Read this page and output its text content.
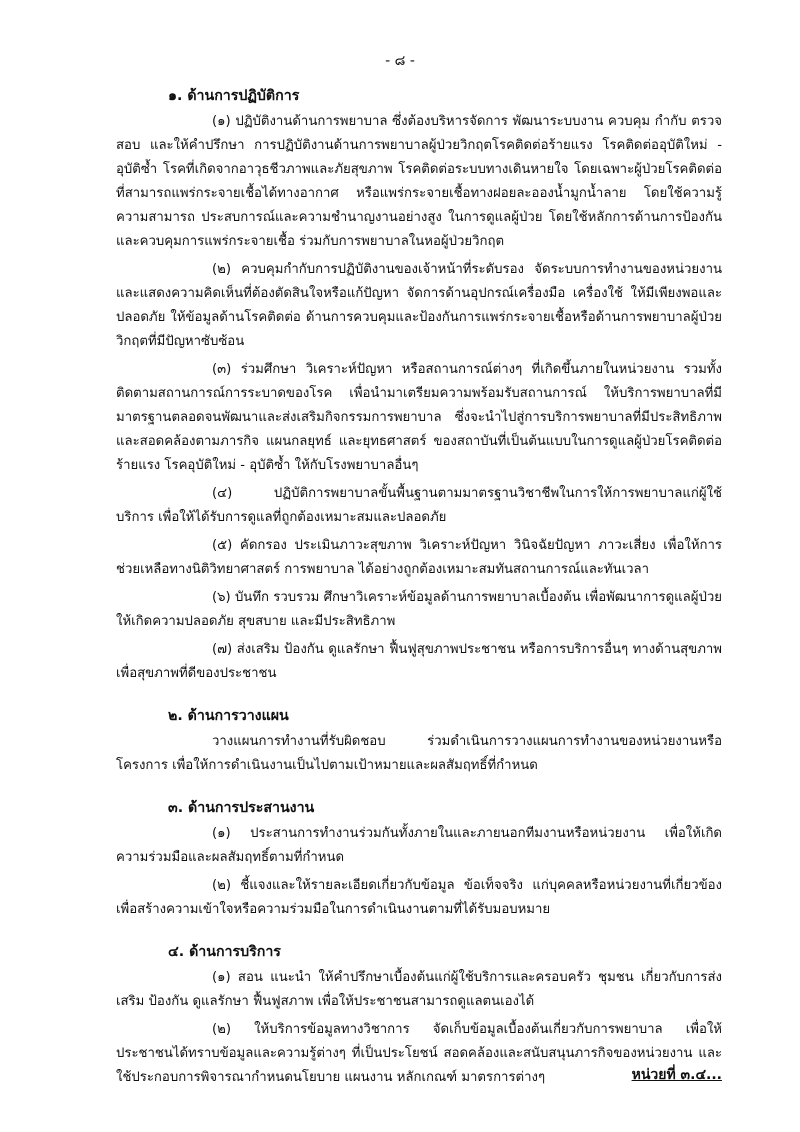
- ๘ -
๑. ด้านการปฏิบัติการ

(๑) ปฏิบัติงานด้านการพยาบาล ซึ่งต้องบริหารจัดการ พัฒนาระบบงาน ควบคุม กำกับ ตรวจสอบ และให้คำปรึกษา การปฏิบัติงานด้านการพยาบาลผู้ป่วยวิกฤตโรคติดต่อร้ายแรง โรคติดต่ออุบัติใหม่ - อุบัติซ้ำ โรคที่เกิดจากอาวุธชีวภาพและภัยสุขภาพ โรคติดต่อระบบทางเดินหายใจ โดยเฉพาะผู้ป่วยโรคติดต่อที่สามารถแพร่กระจายเชื้อได้ทางอากาศ หรือแพร่กระจายเชื้อทางฝอยละอองน้ำมูกน้ำลาย โดยใช้ความรู้ ความสามารถ ประสบการณ์และความชำนาญงานอย่างสูง ในการดูแลผู้ป่วย โดยใช้หลักการด้านการป้องกันและควบคุมการแพร่กระจายเชื้อ ร่วมกับการพยาบาลในหอผู้ป่วยวิกฤต

(๒) ควบคุมกำกับการปฏิบัติงานของเจ้าหน้าที่ระดับรอง จัดระบบการทำงานของหน่วยงาน และแสดงความคิดเห็นที่ต้องตัดสินใจหรือแก้ปัญหา จัดการด้านอุปกรณ์เครื่องมือ เครื่องใช้ ให้มีเพียงพอและปลอดภัย ให้ข้อมูลด้านโรคติดต่อ ด้านการควบคุมและป้องกันการแพร่กระจายเชื้อหรือด้านการพยาบาลผู้ป่วยวิกฤตที่มีปัญหาซับซ้อน

(๓) ร่วมศึกษา วิเคราะห์ปัญหา หรือสถานการณ์ต่างๆ ที่เกิดขึ้นภายในหน่วยงาน รวมทั้งติดตามสถานการณ์การระบาดของโรค เพื่อนำมาเตรียมความพร้อมรับสถานการณ์ ให้บริการพยาบาลที่มีมาตรฐานตลอดจนพัฒนาและส่งเสริมกิจกรรมการพยาบาล ซึ่งจะนำไปสู่การบริการพยาบาลที่มีประสิทธิภาพและสอดคล้องตามภารกิจ แผนกลยุทธ์ และยุทธศาสตร์ ของสถาบันที่เป็นต้นแบบในการดูแลผู้ป่วยโรคติดต่อร้ายแรง โรคอุบัติใหม่ - อุบัติซ้ำ ให้กับโรงพยาบาลอื่นๆ

(๔) ปฏิบัติการพยาบาลขั้นพื้นฐานตามมาตรฐานวิชาชีพในการให้การพยาบาลแก่ผู้ใช้บริการ เพื่อให้ได้รับการดูแลที่ถูกต้องเหมาะสมและปลอดภัย

(๕) คัดกรอง ประเมินภาวะสุขภาพ วิเคราะห์ปัญหา วินิจฉัยปัญหา ภาวะเสี่ยง เพื่อให้การช่วยเหลือทางนิติวิทยาศาสตร์ การพยาบาล ได้อย่างถูกต้องเหมาะสมทันสถานการณ์และทันเวลา

(๖) บันทึก รวบรวม ศึกษาวิเคราะห์ข้อมูลด้านการพยาบาลเบื้องต้น เพื่อพัฒนาการดูแลผู้ป่วย ให้เกิดความปลอดภัย สุขสบาย และมีประสิทธิภาพ

(๗) ส่งเสริม ป้องกัน ดูแลรักษา ฟื้นฟูสุขภาพประชาชน หรือการบริการอื่นๆ ทางด้านสุขภาพเพื่อสุขภาพที่ดีของประชาชน

๒. ด้านการวางแผน

วางแผนการทำงานที่รับผิดชอบ ร่วมดำเนินการวางแผนการทำงานของหน่วยงานหรือโครงการ เพื่อให้การดำเนินงานเป็นไปตามเป้าหมายและผลสัมฤทธิ์ที่กำหนด

๓. ด้านการประสานงาน

(๑) ประสานการทำงานร่วมกันทั้งภายในและภายนอกทีมงานหรือหน่วยงาน เพื่อให้เกิดความร่วมมือและผลสัมฤทธิ์ตามที่กำหนด

(๒) ชี้แจงและให้รายละเอียดเกี่ยวกับข้อมูล ข้อเท็จจริง แก่บุคคลหรือหน่วยงานที่เกี่ยวข้อง เพื่อสร้างความเข้าใจหรือความร่วมมือในการดำเนินงานตามที่ได้รับมอบหมาย

๔. ด้านการบริการ

(๑) สอน แนะนำ ให้คำปรึกษาเบื้องต้นแก่ผู้ใช้บริการและครอบครัว ชุมชน เกี่ยวกับการส่งเสริม ป้องกัน ดูแลรักษา ฟื้นฟูสภาพ เพื่อให้ประชาชนสามารถดูแลตนเองได้

(๒) ให้บริการข้อมูลทางวิชาการ จัดเก็บข้อมูลเบื้องต้นเกี่ยวกับการพยาบาล เพื่อให้ประชาชนได้ทราบข้อมูลและความรู้ต่างๆ ที่เป็นประโยชน์ สอดคล้องและสนับสนุนภารกิจของหน่วยงาน และใช้ประกอบการพิจารณากำหนดนโยบาย แผนงาน หลักเกณฑ์ มาตรการต่างๆ	หน่วยที่ ๓.๔...
